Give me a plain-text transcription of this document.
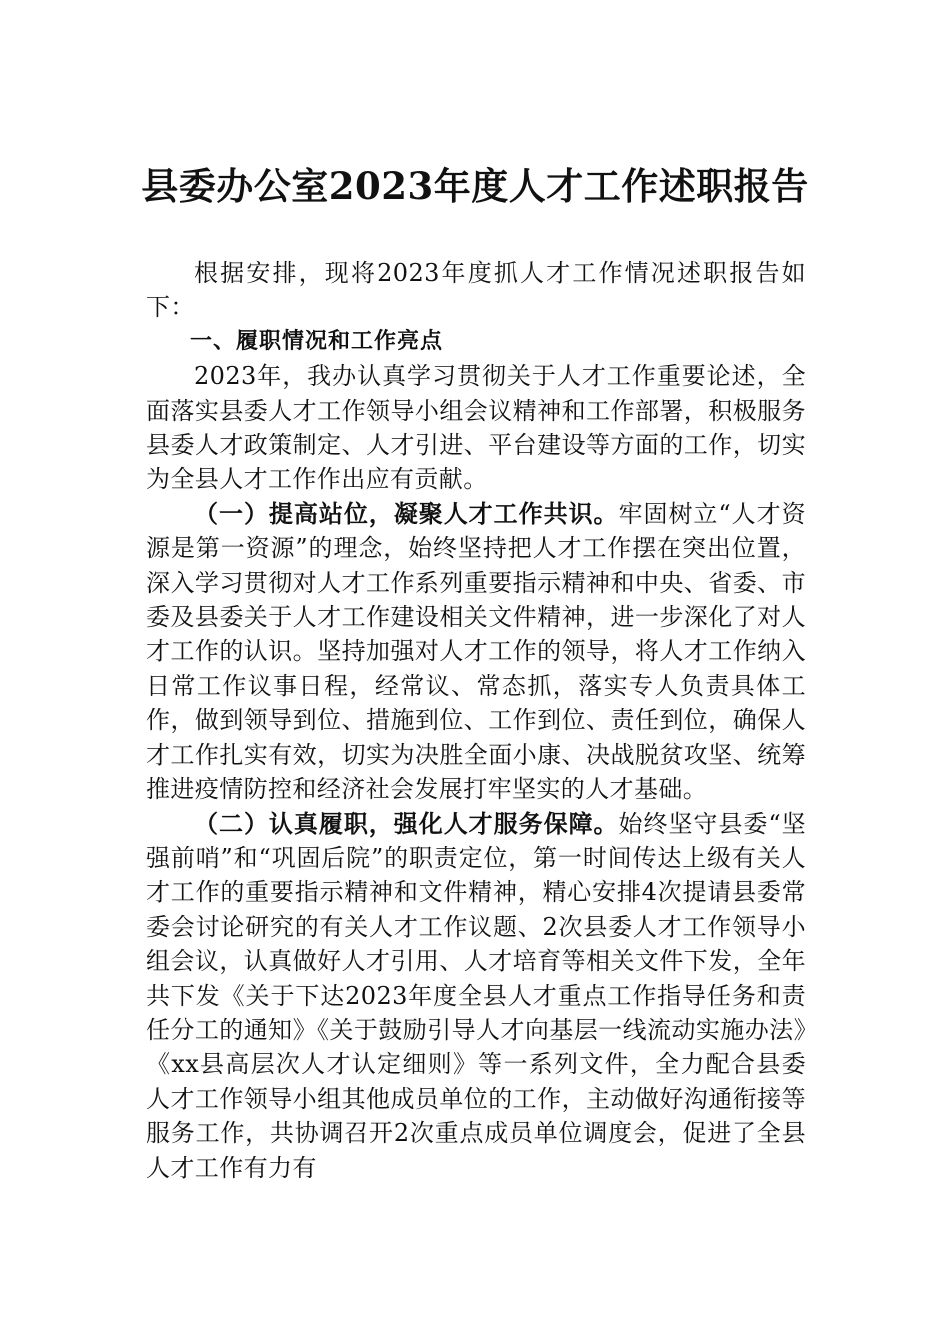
县委办公室2023年度人才工作述职报告

根据安排，现将2023年度抓人才工作情况述职报告如下：

一、履职情况和工作亮点

2023年，我办认真学习贯彻关于人才工作重要论述，全面落实县委人才工作领导小组会议精神和工作部署，积极服务县委人才政策制定、人才引进、平台建设等方面的工作，切实为全县人才工作作出应有贡献。

（一）提高站位，凝聚人才工作共识。牢固树立“人才资源是第一资源”的理念，始终坚持把人才工作摆在突出位置，深入学习贯彻对人才工作系列重要指示精神和中央、省委、市委及县委关于人才工作建设相关文件精神，进一步深化了对人才工作的认识。坚持加强对人才工作的领导，将人才工作纳入日常工作议事日程，经常议、常态抓，落实专人负责具体工作，做到领导到位、措施到位、工作到位、责任到位，确保人才工作扎实有效，切实为决胜全面小康、决战脱贫攻坚、统筹推进疫情防控和经济社会发展打牢坚实的人才基础。

（二）认真履职，强化人才服务保障。始终坚守县委“坚强前哨”和“巩固后院”的职责定位，第一时间传达上级有关人才工作的重要指示精神和文件精神，精心安排4次提请县委常委会讨论研究的有关人才工作议题、2次县委人才工作领导小组会议，认真做好人才引用、人才培育等相关文件下发，全年共下发《关于下达2023年度全县人才重点工作指导任务和责任分工的通知》《关于鼓励引导人才向基层一线流动实施办法》《xx县高层次人才认定细则》等一系列文件，全力配合县委人才工作领导小组其他成员单位的工作，主动做好沟通衔接等服务工作，共协调召开2次重点成员单位调度会，促进了全县人才工作有力有
